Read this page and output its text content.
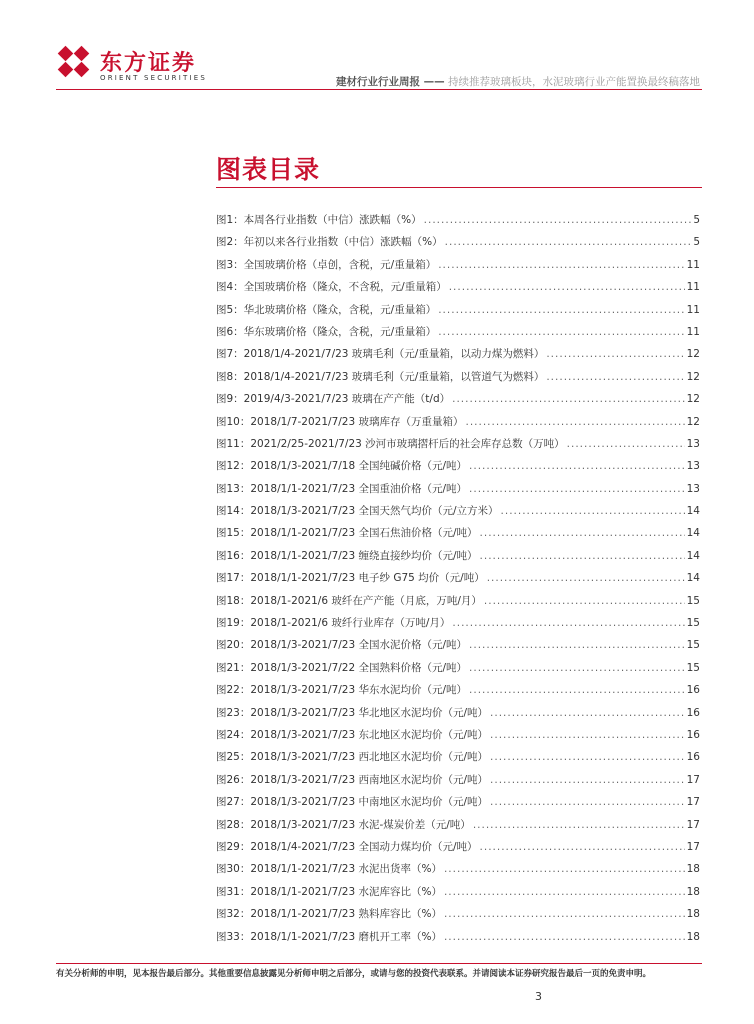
东方证券
ORIENT SECURITIES	建材行业行业周报 —— 持续推荐玻璃板块，水泥玻璃行业产能置换最终稿落地
图表目录
图1：本周各行业指数（中信）涨跌幅（%） .....	5
图2：年初以来各行业指数（中信）涨跌幅（%） .....	5
图3：全国玻璃价格（卓创，含税，元/重量箱） .....	11
图4：全国玻璃价格（隆众，不含税，元/重量箱） .....	11
图5：华北玻璃价格（隆众，含税，元/重量箱） .....	11
图6：华东玻璃价格（隆众，含税，元/重量箱） .....	11
图7：2018/1/4-2021/7/23 玻璃毛利（元/重量箱，以动力煤为燃料） .....	12
图8：2018/1/4-2021/7/23 玻璃毛利（元/重量箱，以管道气为燃料） .....	12
图9：2019/4/3-2021/7/23 玻璃在产产能（t/d） .....	12
图10：2018/1/7-2021/7/23 玻璃库存（万重量箱） .....	12
图11：2021/2/25-2021/7/23 沙河市玻璃摺杆后的社会库存总数（万吨） .....	13
图12：2018/1/3-2021/7/18 全国纯碱价格（元/吨） .....	13
图13：2018/1/1-2021/7/23 全国重油价格（元/吨） .....	13
图14：2018/1/3-2021/7/23 全国天然气均价（元/立方米） .....	14
图15：2018/1/1-2021/7/23 全国石焦油价格（元/吨） .....	14
图16：2018/1/1-2021/7/23 缠绕直接纱均价（元/吨） .....	14
图17：2018/1/1-2021/7/23 电子纱 G75 均价（元/吨） .....	14
图18：2018/1-2021/6 玻纤在产产能（月底，万吨/月） .....	15
图19：2018/1-2021/6 玻纤行业库存（万吨/月） .....	15
图20：2018/1/3-2021/7/23 全国水泥价格（元/吨） .....	15
图21：2018/1/3-2021/7/22 全国熟料价格（元/吨） .....	15
图22：2018/1/3-2021/7/23 华东水泥均价（元/吨） .....	16
图23：2018/1/3-2021/7/23 华北地区水泥均价（元/吨） .....	16
图24：2018/1/3-2021/7/23 东北地区水泥均价（元/吨） .....	16
图25：2018/1/3-2021/7/23 西北地区水泥均价（元/吨） .....	16
图26：2018/1/3-2021/7/23 西南地区水泥均价（元/吨） .....	17
图27：2018/1/3-2021/7/23 中南地区水泥均价（元/吨） .....	17
图28：2018/1/3-2021/7/23 水泥-煤炭价差（元/吨） .....	17
图29：2018/1/4-2021/7/23 全国动力煤均价（元/吨） .....	17
图30：2018/1/1-2021/7/23 水泥出货率（%） .....	18
图31：2018/1/1-2021/7/23 水泥库容比（%） .....	18
图32：2018/1/1-2021/7/23 熟料库容比（%） .....	18
图33：2018/1/1-2021/7/23 磨机开工率（%） .....	18
有关分析师的申明，见本报告最后部分。其他重要信息披露见分析师申明之后部分，或请与您的投资代表联系。并请阅读本证券研究报告最后一页的免责申明。
3
